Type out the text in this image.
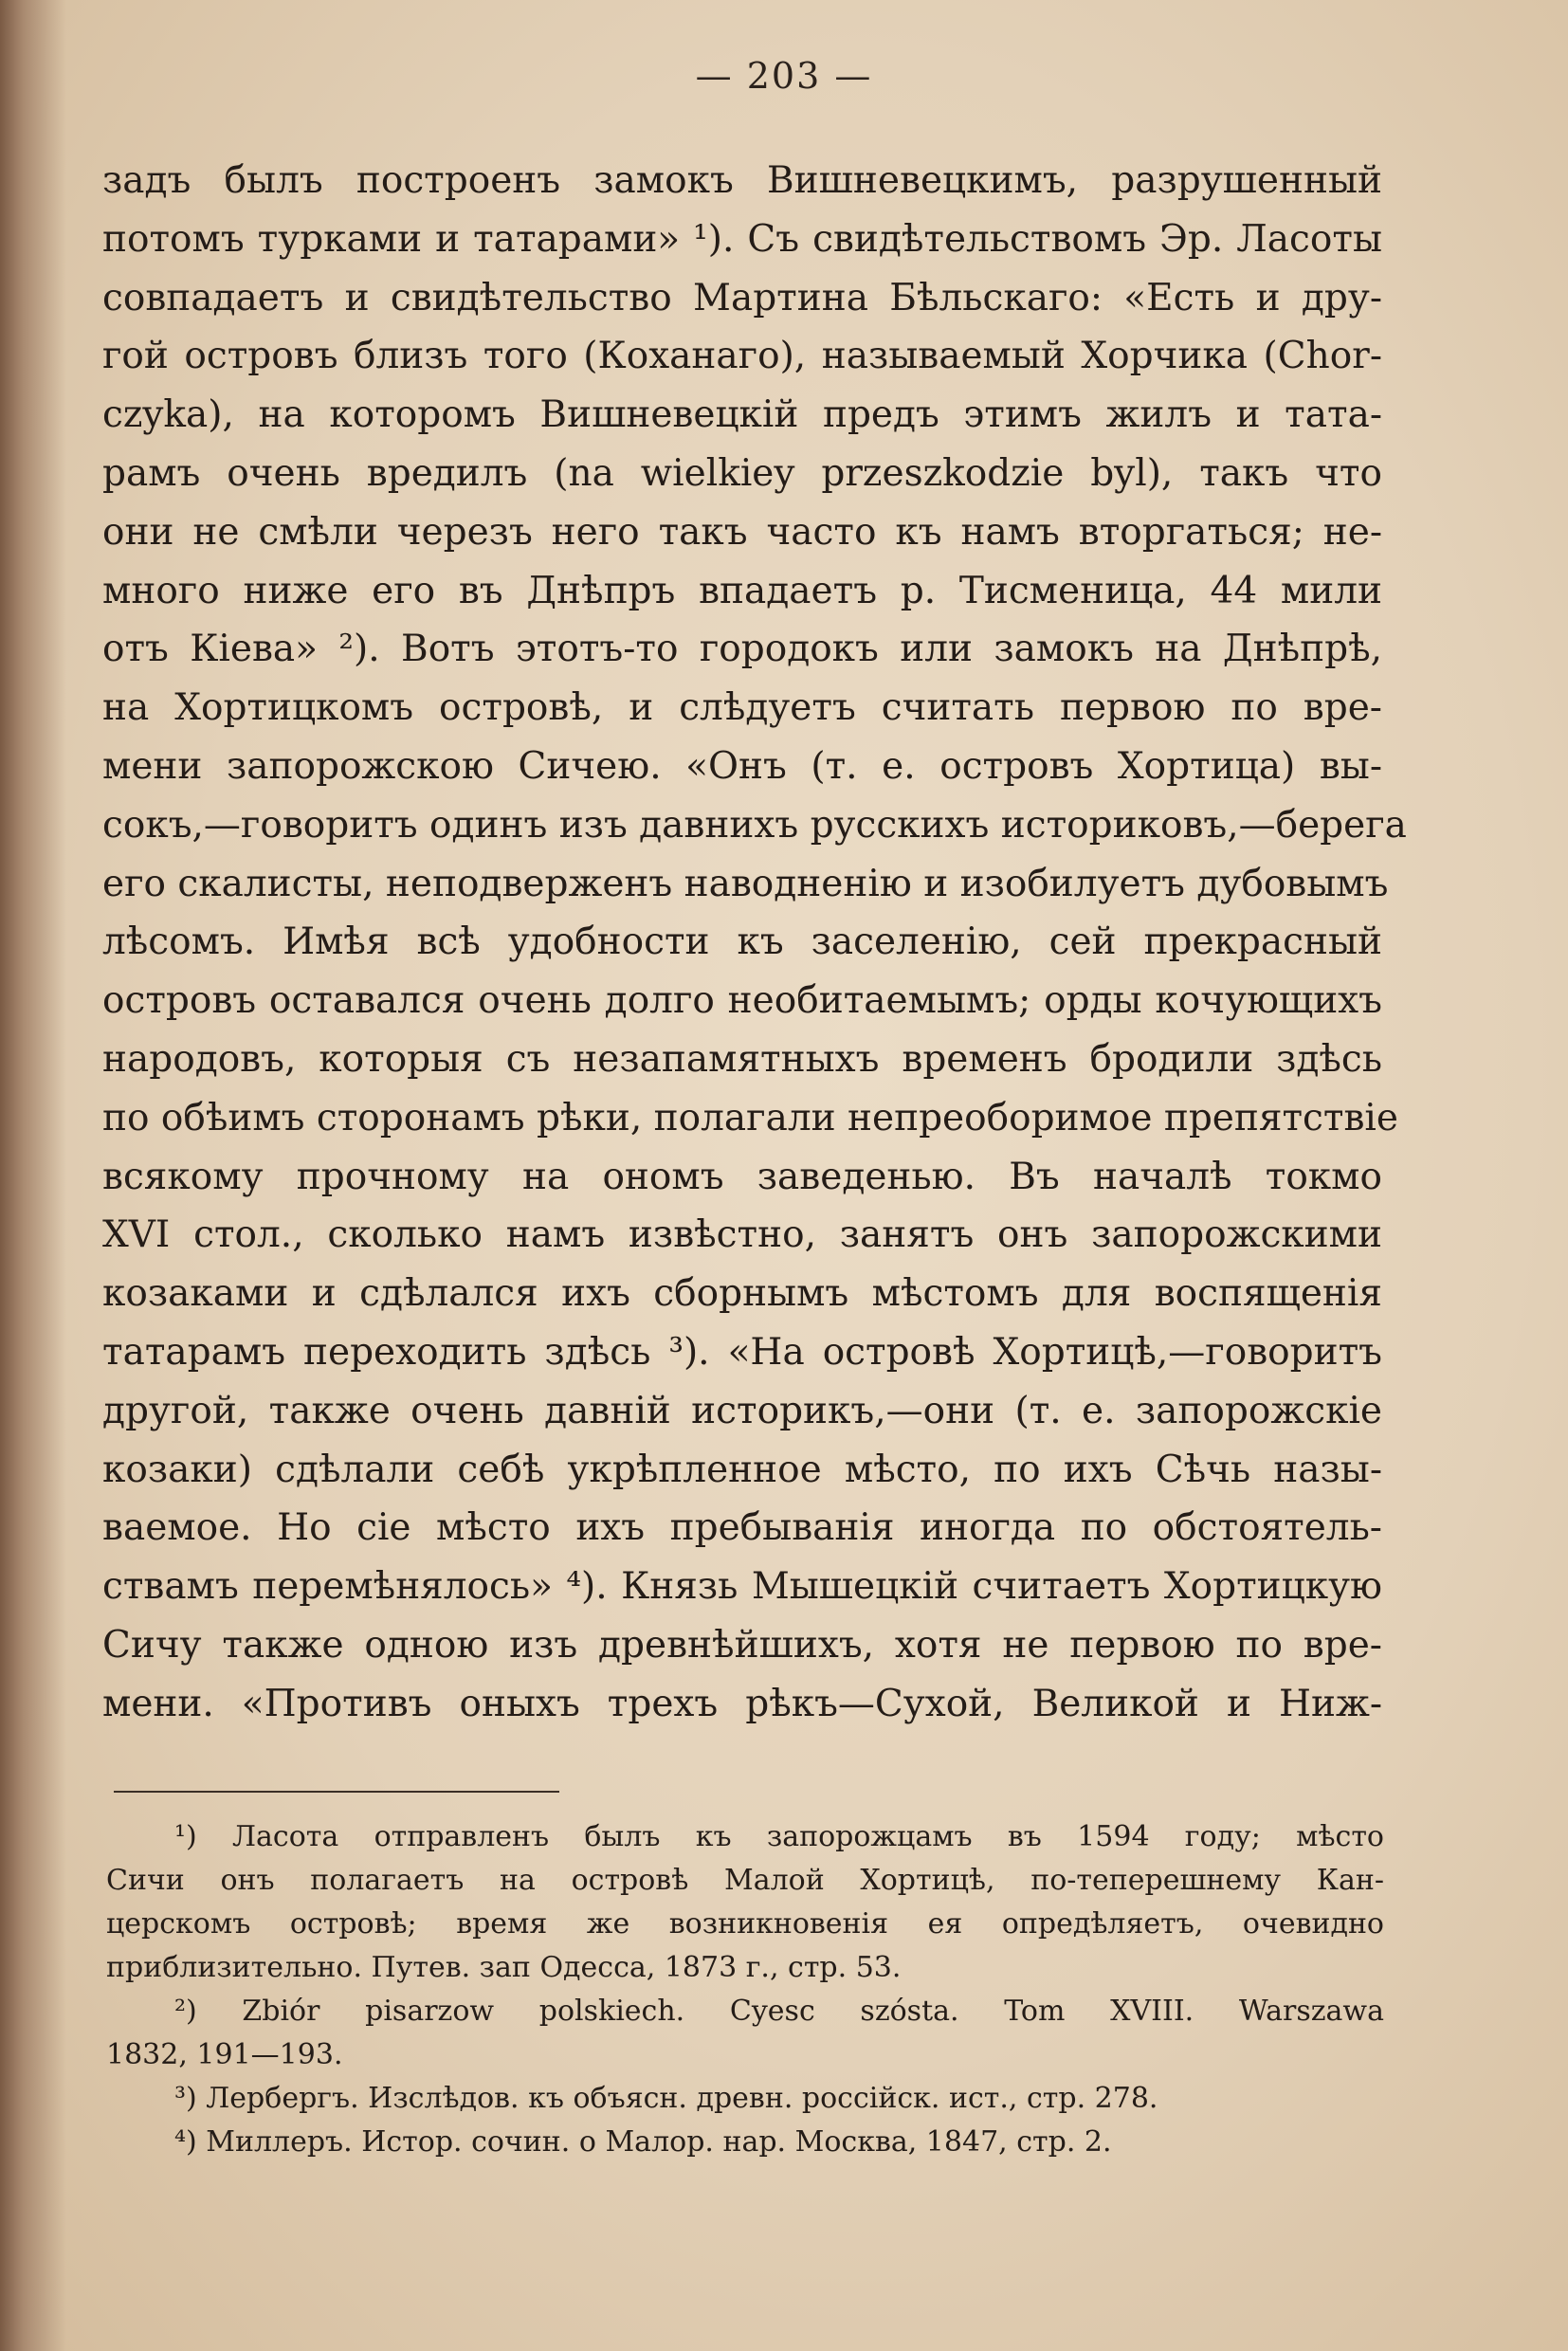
— 203 —
задъ былъ построенъ замокъ Вишневецкимъ, разрушенный
потомъ турками и татарами» ¹). Съ свидѣтельствомъ Эр. Ласоты
совпадаетъ и свидѣтельство Мартина Бѣльскаго: «Есть и дру-
гой островъ близъ того (Коханаго), называемый Хорчика (Chor-
czyka), на которомъ Вишневецкій предъ этимъ жилъ и тата-
рамъ очень вредилъ (na wielkiey przeszkodzie byl), такъ что
они не смѣли черезъ него такъ часто къ намъ вторгаться; не-
много ниже его въ Днѣпръ впадаетъ р. Тисменица, 44 мили
отъ Кіева» ²). Вотъ этотъ-то городокъ или замокъ на Днѣпрѣ,
на Хортицкомъ островѣ, и слѣдуетъ считать первою по вре-
мени запорожскою Сичею. «Онъ (т. е. островъ Хортица) вы-
сокъ,—говоритъ одинъ изъ давнихъ русскихъ историковъ,—берега
его скалисты, неподверженъ наводненію и изобилуетъ дубовымъ
лѣсомъ. Имѣя всѣ удобности къ заселенію, сей прекрасный
островъ оставался очень долго необитаемымъ; орды кочующихъ
народовъ, которыя съ незапамятныхъ временъ бродили здѣсь
по обѣимъ сторонамъ рѣки, полагали непреоборимое препятствіе
всякому прочному на ономъ заведенью. Въ началѣ токмо
XVI стол., сколько намъ извѣстно, занятъ онъ запорожскими
козаками и сдѣлался ихъ сборнымъ мѣстомъ для воспященія
татарамъ переходить здѣсь ³). «На островѣ Хортицѣ,—говоритъ
другой, также очень давній историкъ,—они (т. е. запорожскіе
козаки) сдѣлали себѣ укрѣпленное мѣсто, по ихъ Сѣчь назы-
ваемое. Но сіе мѣсто ихъ пребыванія иногда по обстоятель-
ствамъ перемѣнялось» ⁴). Князь Мышецкій считаетъ Хортицкую
Сичу также одною изъ древнѣйшихъ, хотя не первою по вре-
мени. «Противъ оныхъ трехъ рѣкъ—Сухой, Великой и Ниж-
¹) Ласота отправленъ былъ къ запорожцамъ въ 1594 году; мѣсто
Сичи онъ полагаетъ на островѣ Малой Хортицѣ, по-теперешнему Кан-
церскомъ островѣ; время же возникновенія ея опредѣляетъ, очевидно
приблизительно. Путев. зап Одесса, 1873 г., стр. 53.
²) Zbiór pisarzow polskiech. Cyesc szósta. Tom XVIII. Warszawa
1832, 191—193.
³) Лербергъ. Изслѣдов. къ объясн. древн. россійск. ист., стр. 278.
⁴) Миллеръ. Истор. сочин. о Малор. нар. Москва, 1847, стр. 2.
